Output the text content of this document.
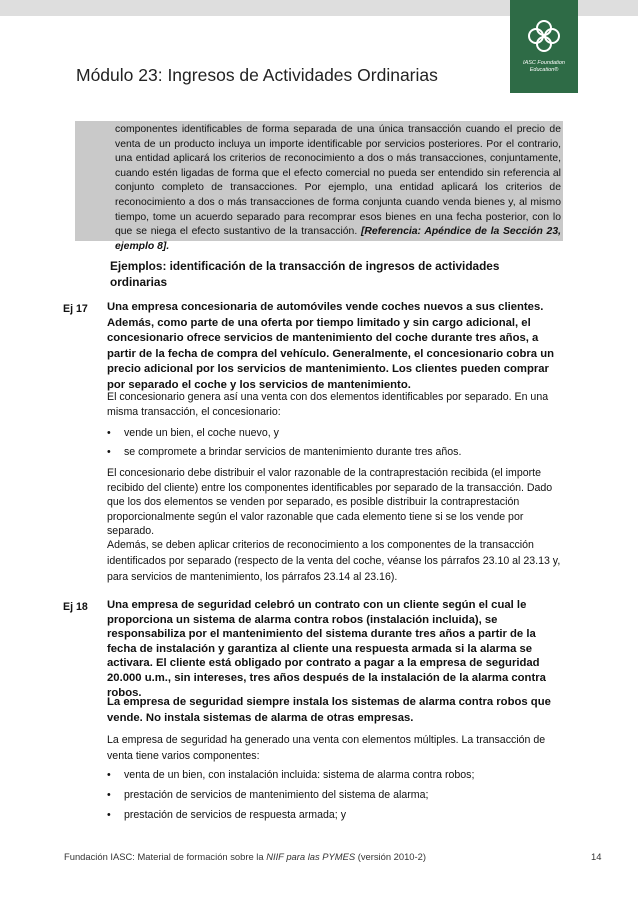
IASC Foundation
Education®
Módulo 23: Ingresos de Actividades Ordinarias
componentes identificables de forma separada de una única transacción cuando el precio de venta de un producto incluya un importe identificable por servicios posteriores. Por el contrario, una entidad aplicará los criterios de reconocimiento a dos o más transacciones, conjuntamente, cuando estén ligadas de forma que el efecto comercial no pueda ser entendido sin referencia al conjunto completo de transacciones. Por ejemplo, una entidad aplicará los criterios de reconocimiento a dos o más transacciones de forma conjunta cuando venda bienes y, al mismo tiempo, tome un acuerdo separado para recomprar esos bienes en una fecha posterior, con lo que se niega el efecto sustantivo de la transacción. [Referencia: Apéndice de la Sección 23, ejemplo 8].
Ejemplos: identificación de la transacción de ingresos de actividades ordinarias
Ej 17 Una empresa concesionaria de automóviles vende coches nuevos a sus clientes. Además, como parte de una oferta por tiempo limitado y sin cargo adicional, el concesionario ofrece servicios de mantenimiento del coche durante tres años, a partir de la fecha de compra del vehículo. Generalmente, el concesionario cobra un precio adicional por los servicios de mantenimiento. Los clientes pueden comprar por separado el coche y los servicios de mantenimiento.
El concesionario genera así una venta con dos elementos identificables por separado. En una misma transacción, el concesionario:
• vende un bien, el coche nuevo, y
• se compromete a brindar servicios de mantenimiento durante tres años.
El concesionario debe distribuir el valor razonable de la contraprestación recibida (el importe recibido del cliente) entre los componentes identificables por separado de la transacción. Dado que los dos elementos se venden por separado, es posible distribuir la contraprestación proporcionalmente según el valor razonable que cada elemento tiene si se los vende por separado.
Además, se deben aplicar criterios de reconocimiento a los componentes de la transacción identificados por separado (respecto de la venta del coche, véanse los párrafos 23.10 al 23.13 y, para servicios de mantenimiento, los párrafos 23.14 al 23.16).
Ej 18 Una empresa de seguridad celebró un contrato con un cliente según el cual le proporciona un sistema de alarma contra robos (instalación incluida), se responsabiliza por el mantenimiento del sistema durante tres años a partir de la fecha de instalación y garantiza al cliente una respuesta armada si la alarma se activara. El cliente está obligado por contrato a pagar a la empresa de seguridad 20.000 u.m., sin intereses, tres años después de la instalación de la alarma contra robos.
La empresa de seguridad siempre instala los sistemas de alarma contra robos que vende. No instala sistemas de alarma de otras empresas.
La empresa de seguridad ha generado una venta con elementos múltiples. La transacción de venta tiene varios componentes:
• venta de un bien, con instalación incluida: sistema de alarma contra robos;
• prestación de servicios de mantenimiento del sistema de alarma;
• prestación de servicios de respuesta armada; y
Fundación IASC: Material de formación sobre la NIIF para las PYMES (versión 2010-2)	14
